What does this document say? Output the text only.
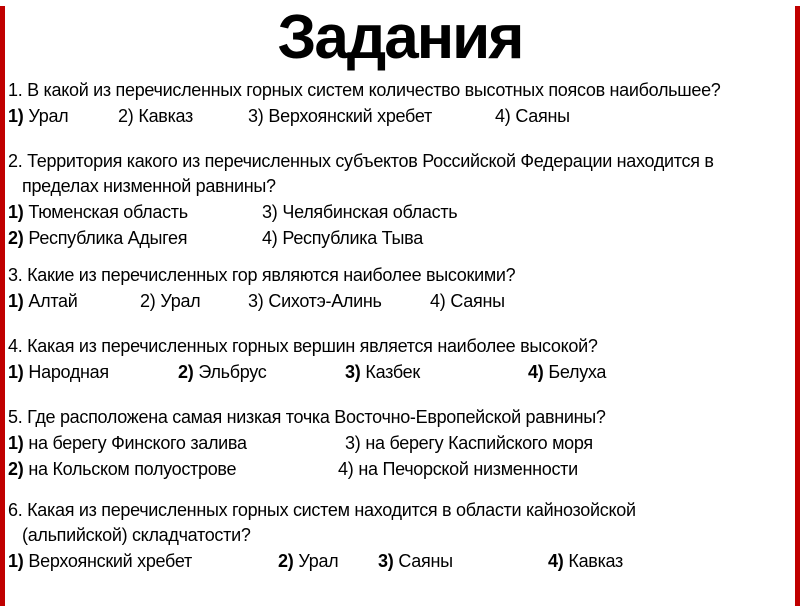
Задания

1. В какой из перечисленных горных систем количество высотных поясов наибольшее?

1) Урал	2) Кавказ	3) Верхоянский хребет	4) Саяны

2. Территория какого из перечисленных субъектов Российской Федерации находится в

пределах низменной равнины?

1) Тюменская область	3) Челябинская область
2) Республика Адыгея	4) Республика Тыва

3. Какие из перечисленных гор являются наиболее высокими?

1) Алтай	2) Урал	3) Сихотэ-Алинь	4) Саяны

4. Какая из перечисленных горных вершин является наиболее высокой?

1) Народная	2) Эльбрус	3) Казбек	4) Белуха

5. Где расположена самая низкая точка Восточно-Европейской равнины?

1) на берегу Финского залива	3) на берегу Каспийского моря
2) на Кольском полуострове	4) на Печорской низменности

6. Какая из перечисленных горных систем находится в области кайнозойской

(альпийской) складчатости?

1) Верхоянский хребет	2) Урал	3) Саяны	4) Кавказ
